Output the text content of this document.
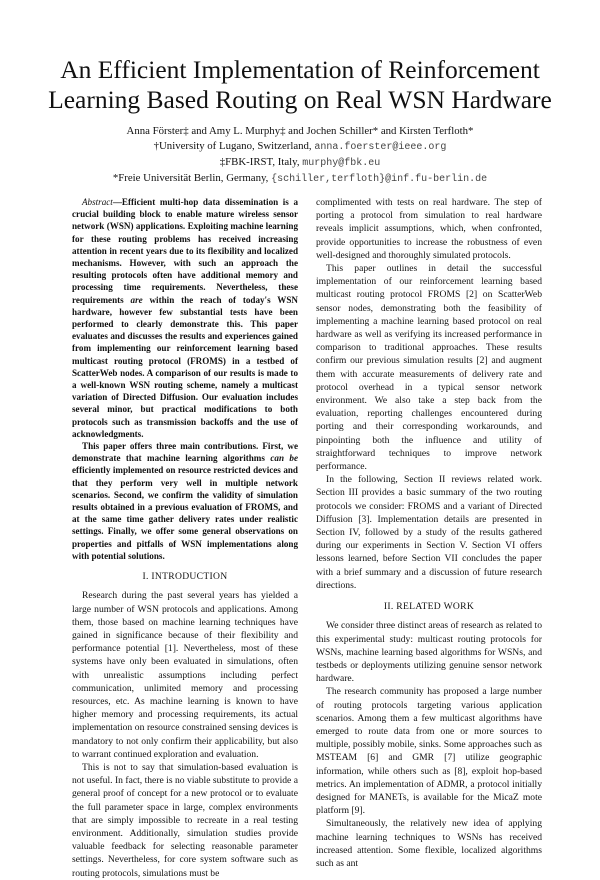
An Efficient Implementation of Reinforcement
Learning Based Routing on Real WSN Hardware
Anna Förster‡ and Amy L. Murphy‡ and Jochen Schiller* and Kirsten Terfloth*
†University of Lugano, Switzerland, anna.foerster@ieee.org
‡FBK-IRST, Italy, murphy@fbk.eu
*Freie Universität Berlin, Germany, {schiller,terfloth}@inf.fu-berlin.de

Abstract—Efficient multi-hop data dissemination is a crucial building block to enable mature wireless sensor network (WSN) applications. Exploiting machine learning for these routing problems has received increasing attention in recent years due to its flexibility and localized mechanisms. However, with such an approach the resulting protocols often have additional memory and processing time requirements. Nevertheless, these requirements are within the reach of today's WSN hardware, however few substantial tests have been performed to clearly demonstrate this. This paper evaluates and discusses the results and experiences gained from implementing our reinforcement learning based multicast routing protocol (FROMS) in a testbed of ScatterWeb nodes. A comparison of our results is made to a well-known WSN routing scheme, namely a multicast variation of Directed Diffusion. Our evaluation includes several minor, but practical modifications to both protocols such as transmission backoffs and the use of acknowledgments.

This paper offers three main contributions. First, we demonstrate that machine learning algorithms can be efficiently implemented on resource restricted devices and that they perform very well in multiple network scenarios. Second, we confirm the validity of simulation results obtained in a previous evaluation of FROMS, and at the same time gather delivery rates under realistic settings. Finally, we offer some general observations on properties and pitfalls of WSN implementations along with potential solutions.

I. INTRODUCTION

Research during the past several years has yielded a large number of WSN protocols and applications. Among them, those based on machine learning techniques have gained in significance because of their flexibility and performance potential [1]. Nevertheless, most of these systems have only been evaluated in simulations, often with unrealistic assumptions including perfect communication, unlimited memory and processing resources, etc. As machine learning is known to have higher memory and processing requirements, its actual implementation on resource constrained sensing devices is mandatory to not only confirm their applicability, but also to warrant continued exploration and evaluation.

This is not to say that simulation-based evaluation is not useful. In fact, there is no viable substitute to provide a general proof of concept for a new protocol or to evaluate the full parameter space in large, complex environments that are simply impossible to recreate in a real testing environment. Additionally, simulation studies provide valuable feedback for selecting reasonable parameter settings. Nevertheless, for core system software such as routing protocols, simulations must be

complimented with tests on real hardware. The step of porting a protocol from simulation to real hardware reveals implicit assumptions, which, when confronted, provide opportunities to increase the robustness of even well-designed and thoroughly simulated protocols.

This paper outlines in detail the successful implementation of our reinforcement learning based multicast routing protocol FROMS [2] on ScatterWeb sensor nodes, demonstrating both the feasibility of implementing a machine learning based protocol on real hardware as well as verifying its increased performance in comparison to traditional approaches. These results confirm our previous simulation results [2] and augment them with accurate measurements of delivery rate and protocol overhead in a typical sensor network environment. We also take a step back from the evaluation, reporting challenges encountered during porting and their corresponding workarounds, and pinpointing both the influence and utility of straightforward techniques to improve network performance.

In the following, Section II reviews related work. Section III provides a basic summary of the two routing protocols we consider: FROMS and a variant of Directed Diffusion [3]. Implementation details are presented in Section IV, followed by a study of the results gathered during our experiments in Section V. Section VI offers lessons learned, before Section VII concludes the paper with a brief summary and a discussion of future research directions.

II. RELATED WORK

We consider three distinct areas of research as related to this experimental study: multicast routing protocols for WSNs, machine learning based algorithms for WSNs, and testbeds or deployments utilizing genuine sensor network hardware.

The research community has proposed a large number of routing protocols targeting various application scenarios. Among them a few multicast algorithms have emerged to route data from one or more sources to multiple, possibly mobile, sinks. Some approaches such as MSTEAM [6] and GMR [7] utilize geographic information, while others such as [8], exploit hop-based metrics. An implementation of ADMR, a protocol initially designed for MANETs, is available for the MicaZ mote platform [9].

Simultaneously, the relatively new idea of applying machine learning techniques to WSNs has received increased attention. Some flexible, localized algorithms such as ant
